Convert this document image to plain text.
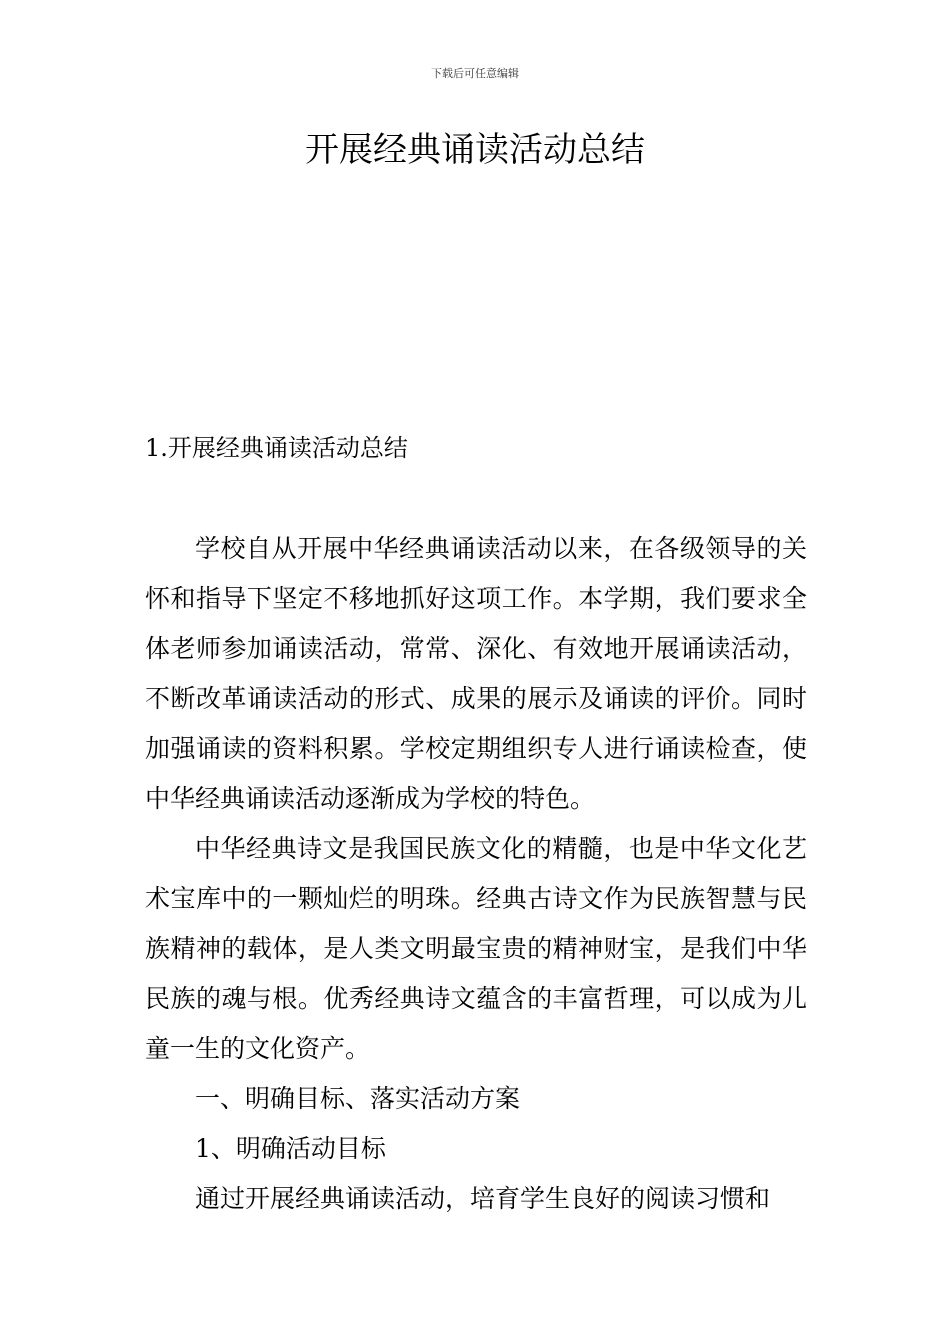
下载后可任意编辑
开展经典诵读活动总结
1.开展经典诵读活动总结

学校自从开展中华经典诵读活动以来，在各级领导的关怀和指导下坚定不移地抓好这项工作。本学期，我们要求全体老师参加诵读活动，常常、深化、有效地开展诵读活动，不断改革诵读活动的形式、成果的展示及诵读的评价。同时加强诵读的资料积累。学校定期组织专人进行诵读检查，使中华经典诵读活动逐渐成为学校的特色。

中华经典诗文是我国民族文化的精髓，也是中华文化艺术宝库中的一颗灿烂的明珠。经典古诗文作为民族智慧与民族精神的载体，是人类文明最宝贵的精神财宝，是我们中华民族的魂与根。优秀经典诗文蕴含的丰富哲理，可以成为儿童一生的文化资产。

一、明确目标、落实活动方案

1、明确活动目标

通过开展经典诵读活动，培育学生良好的阅读习惯和
